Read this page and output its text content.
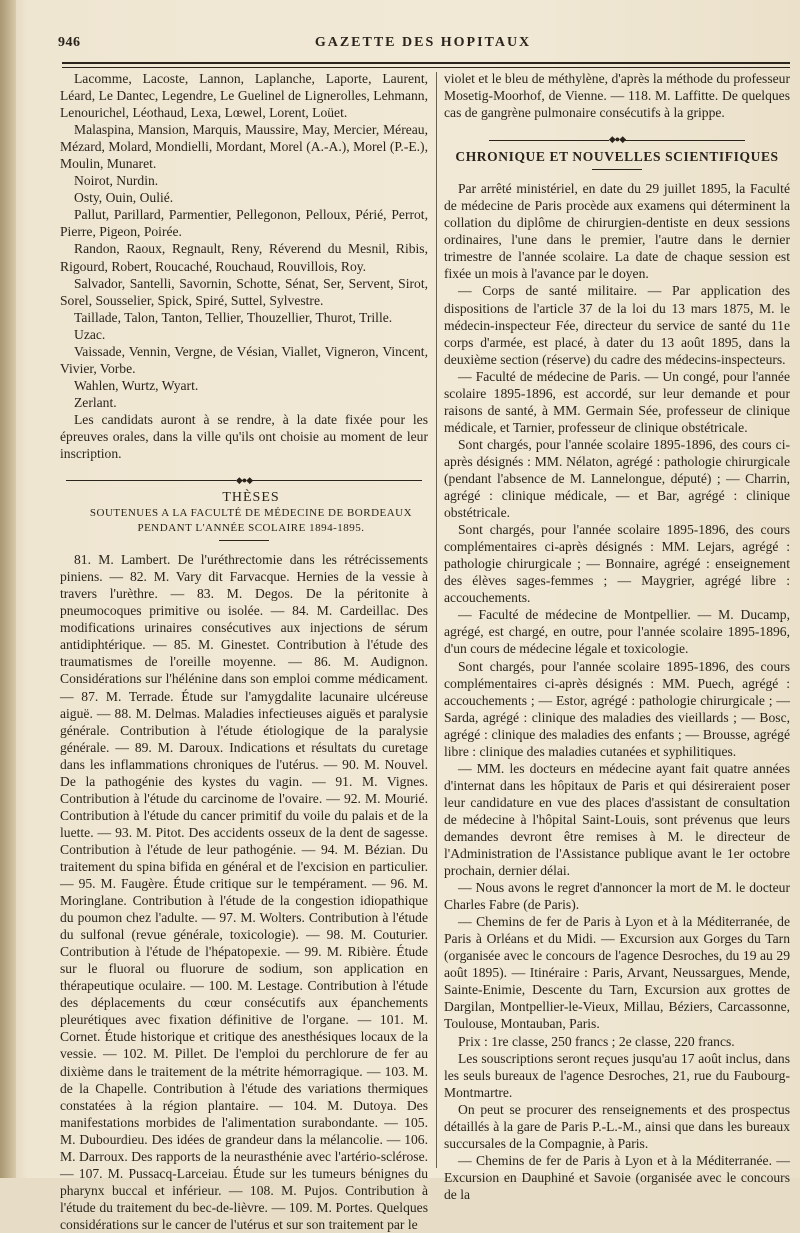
946	GAZETTE DES HOPITAUX

Lacomme, Lacoste, Lannon, Laplanche, Laporte, Laurent, Léard, Le Dantec, Legendre, Le Guelinel de Lignerolles, Lehmann, Lenourichel, Léothaud, Lexa, Lœwel, Lorent, Loüet.

Malaspina, Mansion, Marquis, Maussire, May, Mercier, Méreau, Mézard, Molard, Mondielli, Mordant, Morel (A.-A.), Morel (P.-E.), Moulin, Munaret.

Noirot, Nurdin.

Osty, Ouin, Oulié.

Pallut, Parillard, Parmentier, Pellegonon, Pelloux, Périé, Perrot, Pierre, Pigeon, Poirée.

Randon, Raoux, Regnault, Reny, Réverend du Mesnil, Ribis, Rigourd, Robert, Roucaché, Rouchaud, Rouvillois, Roy.

Salvador, Santelli, Savornin, Schotte, Sénat, Ser, Servent, Sirot, Sorel, Sousselier, Spick, Spiré, Suttel, Sylvestre.

Taillade, Talon, Tanton, Tellier, Thouzellier, Thurot, Trille.

Uzac.

Vaissade, Vennin, Vergne, de Vésian, Viallet, Vigneron, Vincent, Vivier, Vorbe.

Wahlen, Wurtz, Wyart.

Zerlant.

Les candidats auront à se rendre, à la date fixée pour les épreuves orales, dans la ville qu'ils ont choisie au moment de leur inscription.

◆●◆

THÈSES

SOUTENUES A LA FACULTÉ DE MÉDECINE DE BORDEAUX

PENDANT L'ANNÉE SCOLAIRE 1894-1895.

81. M. Lambert. De l'uréthrectomie dans les rétrécissements piniens. — 82. M. Vary dit Farvacque. Hernies de la vessie à travers l'urèthre. — 83. M. Degos. De la péritonite à pneumocoques primitive ou isolée. — 84. M. Cardeillac. Des modifications urinaires consécutives aux injections de sérum antidiphtérique. — 85. M. Ginestet. Contribution à l'étude des traumatismes de l'oreille moyenne. — 86. M. Audignon. Considérations sur l'hélénine dans son emploi comme médicament. — 87. M. Terrade. Étude sur l'amygdalite lacunaire ulcéreuse aiguë. — 88. M. Delmas. Maladies infectieuses aiguës et paralysie générale. Contribution à l'étude étiologique de la paralysie générale. — 89. M. Daroux. Indications et résultats du curetage dans les inflammations chroniques de l'utérus. — 90. M. Nouvel. De la pathogénie des kystes du vagin. — 91. M. Vignes. Contribution à l'étude du carcinome de l'ovaire. — 92. M. Mourié. Contribution à l'étude du cancer primitif du voile du palais et de la luette. — 93. M. Pitot. Des accidents osseux de la dent de sagesse. Contribution à l'étude de leur pathogénie. — 94. M. Bézian. Du traitement du spina bifida en général et de l'excision en particulier. — 95. M. Faugère. Étude critique sur le tempérament. — 96. M. Moringlane. Contribution à l'étude de la congestion idiopathique du poumon chez l'adulte. — 97. M. Wolters. Contribution à l'étude du sulfonal (revue générale, toxicologie). — 98. M. Couturier. Contribution à l'étude de l'hépatopexie. — 99. M. Ribière. Étude sur le fluoral ou fluorure de sodium, son application en thérapeutique oculaire. — 100. M. Lestage. Contribution à l'étude des déplacements du cœur consécutifs aux épanchements pleurétiques avec fixation définitive de l'organe. — 101. M. Cornet. Étude historique et critique des anesthésiques locaux de la vessie. — 102. M. Pillet. De l'emploi du perchlorure de fer au dixième dans le traitement de la métrite hémorragique. — 103. M. de la Chapelle. Contribution à l'étude des variations thermiques constatées à la région plantaire. — 104. M. Dutoya. Des manifestations morbides de l'alimentation surabondante. — 105. M. Dubourdieu. Des idées de grandeur dans la mélancolie. — 106. M. Darroux. Des rapports de la neurasthénie avec l'artério-sclérose. — 107. M. Pussacq-Larceiau. Étude sur les tumeurs bénignes du pharynx buccal et inférieur. — 108. M. Pujos. Contribution à l'étude du traitement du bec-de-lièvre. — 109. M. Portes. Quelques considérations sur le cancer de l'utérus et sur son traitement par le

violet et le bleu de méthylène, d'après la méthode du professeur Mosetig-Moorhof, de Vienne. — 118. M. Laffitte. De quelques cas de gangrène pulmonaire consécutifs à la grippe.

◆●◆
CHRONIQUE ET NOUVELLES SCIENTIFIQUES

Par arrêté ministériel, en date du 29 juillet 1895, la Faculté de médecine de Paris procède aux examens qui déterminent la collation du diplôme de chirurgien-dentiste en deux sessions ordinaires, l'une dans le premier, l'autre dans le dernier trimestre de l'année scolaire. La date de chaque session est fixée un mois à l'avance par le doyen.

— Corps de santé militaire. — Par application des dispositions de l'article 37 de la loi du 13 mars 1875, M. le médecin-inspecteur Fée, directeur du service de santé du 11e corps d'armée, est placé, à dater du 13 août 1895, dans la deuxième section (réserve) du cadre des médecins-inspecteurs.

— Faculté de médecine de Paris. — Un congé, pour l'année scolaire 1895-1896, est accordé, sur leur demande et pour raisons de santé, à MM. Germain Sée, professeur de clinique médicale, et Tarnier, professeur de clinique obstétricale.

Sont chargés, pour l'année scolaire 1895-1896, des cours ci-après désignés : MM. Nélaton, agrégé : pathologie chirurgicale (pendant l'absence de M. Lannelongue, député) ; — Charrin, agrégé : clinique médicale, — et Bar, agrégé : clinique obstétricale.

Sont chargés, pour l'année scolaire 1895-1896, des cours complémentaires ci-après désignés : MM. Lejars, agrégé : pathologie chirurgicale ; — Bonnaire, agrégé : enseignement des élèves sages-femmes ; — Maygrier, agrégé libre : accouchements.

— Faculté de médecine de Montpellier. — M. Ducamp, agrégé, est chargé, en outre, pour l'année scolaire 1895-1896, d'un cours de médecine légale et toxicologie.

Sont chargés, pour l'année scolaire 1895-1896, des cours complémentaires ci-après désignés : MM. Puech, agrégé : accouchements ; — Estor, agrégé : pathologie chirurgicale ; — Sarda, agrégé : clinique des maladies des vieillards ; — Bosc, agrégé : clinique des maladies des enfants ; — Brousse, agrégé libre : clinique des maladies cutanées et syphilitiques.

— MM. les docteurs en médecine ayant fait quatre années d'internat dans les hôpitaux de Paris et qui désireraient poser leur candidature en vue des places d'assistant de consultation de médecine à l'hôpital Saint-Louis, sont prévenus que leurs demandes devront être remises à M. le directeur de l'Administration de l'Assistance publique avant le 1er octobre prochain, dernier délai.

— Nous avons le regret d'annoncer la mort de M. le docteur Charles Fabre (de Paris).

— Chemins de fer de Paris à Lyon et à la Méditerranée, de Paris à Orléans et du Midi. — Excursion aux Gorges du Tarn (organisée avec le concours de l'agence Desroches, du 19 au 29 août 1895). — Itinéraire : Paris, Arvant, Neussargues, Mende, Sainte-Enimie, Descente du Tarn, Excursion aux grottes de Dargilan, Montpellier-le-Vieux, Millau, Béziers, Carcassonne, Toulouse, Montauban, Paris.

Prix : 1re classe, 250 francs ; 2e classe, 220 francs.

Les souscriptions seront reçues jusqu'au 17 août inclus, dans les seuls bureaux de l'agence Desroches, 21, rue du Faubourg-Montmartre.

On peut se procurer des renseignements et des prospectus détaillés à la gare de Paris P.-L.-M., ainsi que dans les bureaux succursales de la Compagnie, à Paris.

— Chemins de fer de Paris à Lyon et à la Méditerranée. — Excursion en Dauphiné et Savoie (organisée avec le concours de la
